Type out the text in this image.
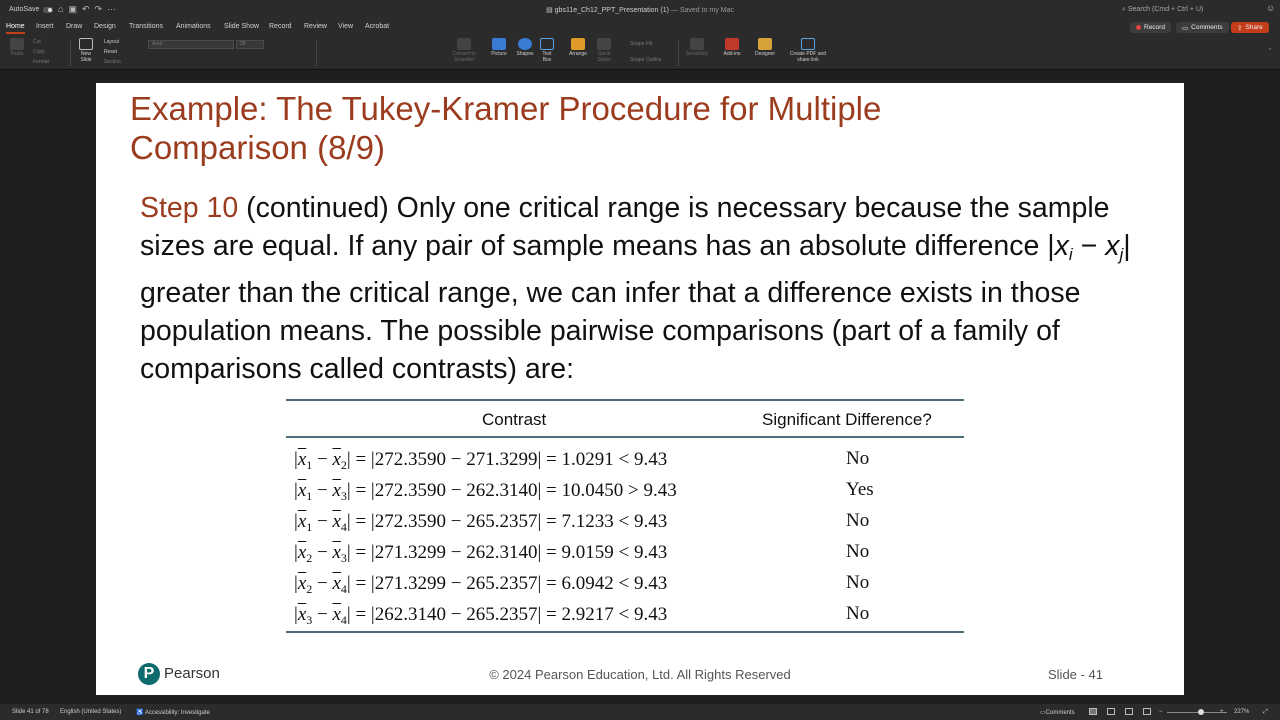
AutoSave ⌂ ▣ ↶ ↷ ···	▤ gbs11e_Ch12_PPT_Presentation (1) — Saved to my Mac	⌕ Search (Cmd + Ctrl + U)	☺
Home Insert Draw Design Transitions Animations Slide Show Record Review View Acrobat	Record	▭ Comments ⇪ Share
Paste
Cut
Copy
Format
New Slide
Layout
Reset
Section
Arial	28
Convert to SmartArt
Picture	Shapes	Text Box
Arrange	Quick Styles
Shape Fill
Shape Outline
Sensitivity	Add-ins	Designer	Create PDF and share link
⌃
Example: The Tukey-Kramer Procedure for Multiple Comparison (8/9)
Step 10 (continued) Only one critical range is necessary because the sample sizes are equal. If any pair of sample means has an absolute difference $|x_i - x_j|$ greater than the critical range, we can infer that a difference exists in those population means. The possible pairwise comparisons (part of a family of comparisons called contrasts) are:
Contrast	Significant Difference?
$|\overline{x}_1 - \overline{x}_2| = |272.3590 - 271.3299| = 1.0291 < 9.43$	No
$|\overline{x}_1 - \overline{x}_3| = |272.3590 - 262.3140| = 10.0450 > 9.43$	Yes
$|\overline{x}_1 - \overline{x}_4| = |272.3590 - 265.2357| = 7.1233 < 9.43$	No
$|\overline{x}_2 - \overline{x}_3| = |271.3299 - 262.3140| = 9.0159 < 9.43$	No
$|\overline{x}_2 - \overline{x}_4| = |271.3299 - 265.2357| = 6.0942 < 9.43$	No
$|\overline{x}_3 - \overline{x}_4| = |262.3140 - 265.2357| = 2.9217 < 9.43$	No
P Pearson	© 2024 Pearson Education, Ltd. All Rights Reserved	Slide - 41
Slide 41 of 78 English (United States) ♿ Accessibility: Investigate	▭Comments	−	+ 227% ⤢
